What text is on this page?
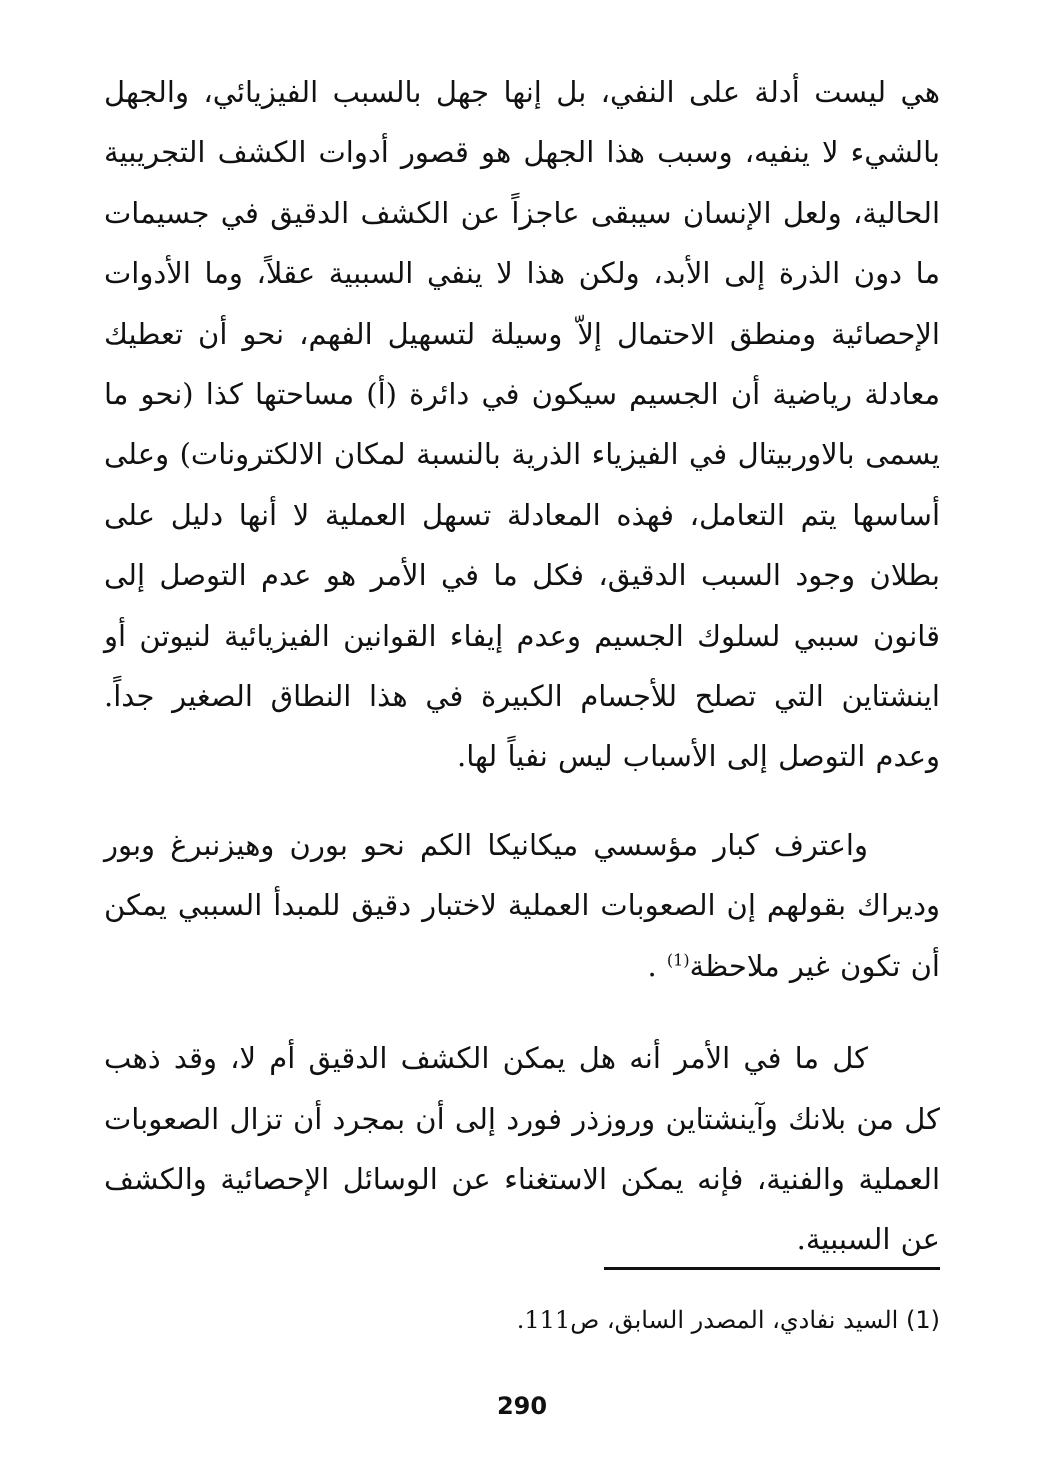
هي ليست أدلة على النفي، بل إنها جهل بالسبب الفيزيائي، والجهل بالشيء لا ينفيه، وسبب هذا الجهل هو قصور أدوات الكشف التجريبية الحالية، ولعل الإنسان سيبقى عاجزاً عن الكشف الدقيق في جسيمات ما دون الذرة إلى الأبد، ولكن هذا لا ينفي السببية عقلاً، وما الأدوات الإحصائية ومنطق الاحتمال إلاّ وسيلة لتسهيل الفهم، نحو أن تعطيك معادلة رياضية أن الجسيم سيكون في دائرة (أ) مساحتها كذا (نحو ما يسمى بالاوربيتال في الفيزياء الذرية بالنسبة لمكان الالكترونات) وعلى أساسها يتم التعامل، فهذه المعادلة تسهل العملية لا أنها دليل على بطلان وجود السبب الدقيق، فكل ما في الأمر هو عدم التوصل إلى قانون سببي لسلوك الجسيم وعدم إيفاء القوانين الفيزيائية لنيوتن أو اينشتاين التي تصلح للأجسام الكبيرة في هذا النطاق الصغير جداً. وعدم التوصل إلى الأسباب ليس نفياً لها.

واعترف كبار مؤسسي ميكانيكا الكم نحو بورن وهيزنبرغ وبور وديراك بقولهم إن الصعوبات العملية لاختبار دقيق للمبدأ السببي يمكن أن تكون غير ملاحظة$^{(1)}$ .

كل ما في الأمر أنه هل يمكن الكشف الدقيق أم لا، وقد ذهب كل من بلانك وآينشتاين وروزذر فورد إلى أن بمجرد أن تزال الصعوبات العملية والفنية، فإنه يمكن الاستغناء عن الوسائل الإحصائية والكشف عن السببية.

(1) السيد نفادي، المصدر السابق، ص111.

290
